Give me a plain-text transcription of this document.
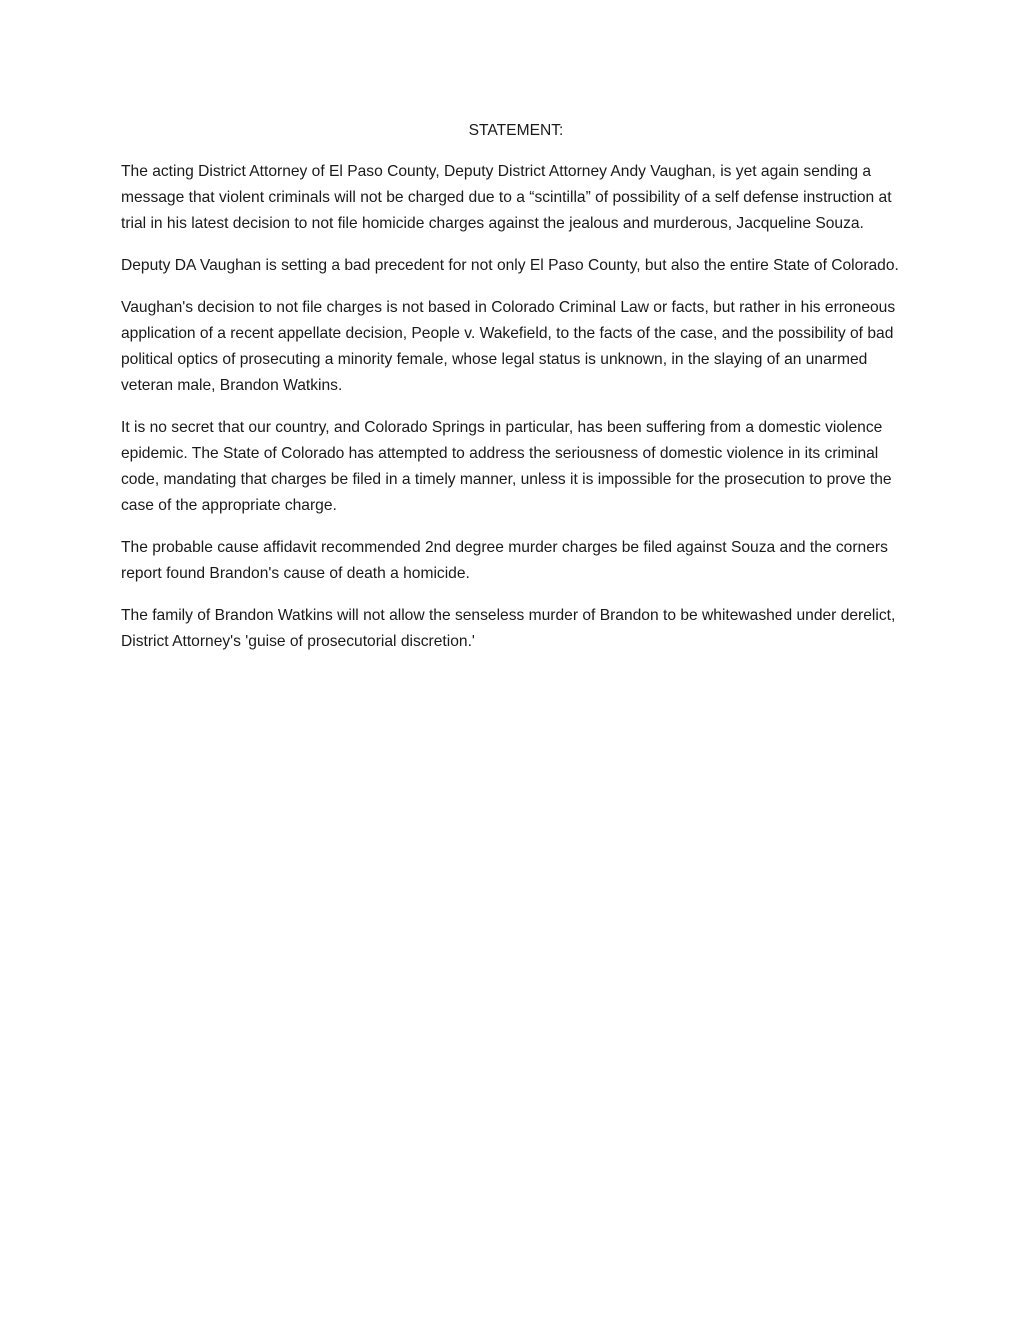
STATEMENT:

The acting District Attorney of El Paso County, Deputy District Attorney Andy Vaughan, is yet again sending a message that violent criminals will not be charged due to a “scintilla” of possibility of a self defense instruction at trial in his latest decision to not file homicide charges against the jealous and murderous, Jacqueline Souza.

Deputy DA Vaughan is setting a bad precedent for not only El Paso County, but also the entire State of Colorado.

Vaughan's decision to not file charges is not based in Colorado Criminal Law or facts, but rather in his erroneous application of a recent appellate decision, People v. Wakefield, to the facts of the case, and the possibility of bad political optics of prosecuting a minority female, whose legal status is unknown, in the slaying of an unarmed veteran male, Brandon Watkins.

It is no secret that our country, and Colorado Springs in particular, has been suffering from a domestic violence epidemic. The State of Colorado has attempted to address the seriousness of domestic violence in its criminal code, mandating that charges be filed in a timely manner, unless it is impossible for the prosecution to prove the case of the appropriate charge.

The probable cause affidavit recommended 2nd degree murder charges be filed against Souza and the corners report found Brandon's cause of death a homicide.

The family of Brandon Watkins will not allow the senseless murder of Brandon to be whitewashed under derelict, District Attorney's 'guise of prosecutorial discretion.'
